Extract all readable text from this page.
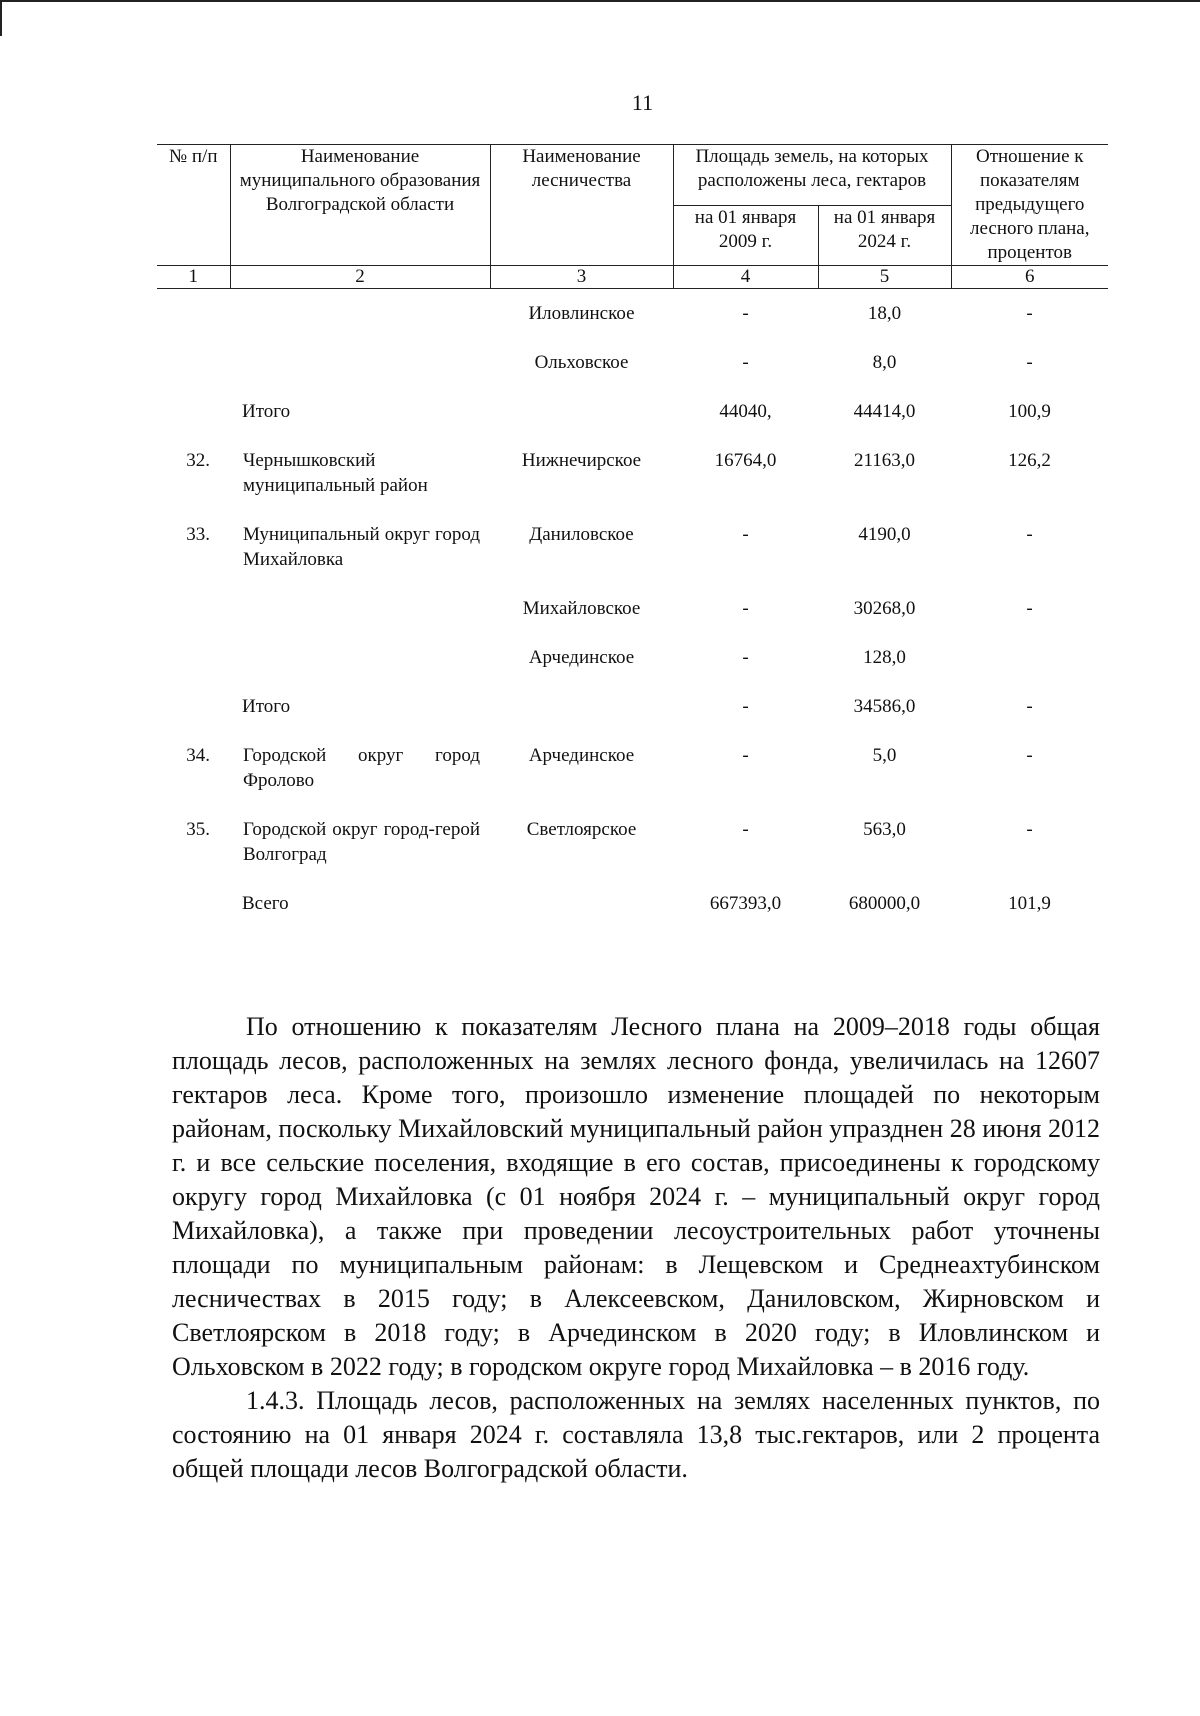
11
№ п/п	Наименование муниципального образования Волгоградской области	Наименование лесничества	Площадь земель, на которых расположены леса, гектаров		Отношение к показателям предыдущего лесного плана, процентов
			на 01 января 2009 г.	на 01 января 2024 г.	
1	2	3	4	5	6

		Иловлинское	-	18,0	-

		Ольховское	-	8,0	-

	Итого		44040,	44414,0	100,9

32.	Чернышковский муниципальный район	Нижнечирское	16764,0	21163,0	126,2

33.	Муниципальный округ город Михайловка	Даниловское	-	4190,0	-

		Михайловское	-	30268,0	-

		Арчединское	-	128,0	

	Итого		-	34586,0	-

34.	Городской округ город Фролово	Арчединское	-	5,0	-

35.	Городской округ город-герой Волгоград	Светлоярское	-	563,0	-

	Всего		667393,0	680000,0	101,9

По отношению к показателям Лесного плана на 2009–2018 годы общая площадь лесов, расположенных на землях лесного фонда, увеличилась на 12607 гектаров леса. Кроме того, произошло изменение площадей по некоторым районам, поскольку Михайловский муниципальный район упразднен 28 июня 2012 г. и все сельские поселения, входящие в его состав, присоединены к городскому округу город Михайловка (с 01 ноября 2024 г. – муниципальный округ город Михайловка), а также при проведении лесоустроительных работ уточнены площади по муниципальным районам: в Лещевском и Среднеахтубинском лесничествах в 2015 году; в Алексеевском, Даниловском, Жирновском и Светлоярском в 2018 году; в Арчединском в 2020 году; в Иловлинском и Ольховском в 2022 году; в городском округе город Михайловка – в 2016 году.

1.4.3. Площадь лесов, расположенных на землях населенных пунктов, по состоянию на 01 января 2024 г. составляла 13,8 тыс.гектаров, или 2 процента общей площади лесов Волгоградской области.
